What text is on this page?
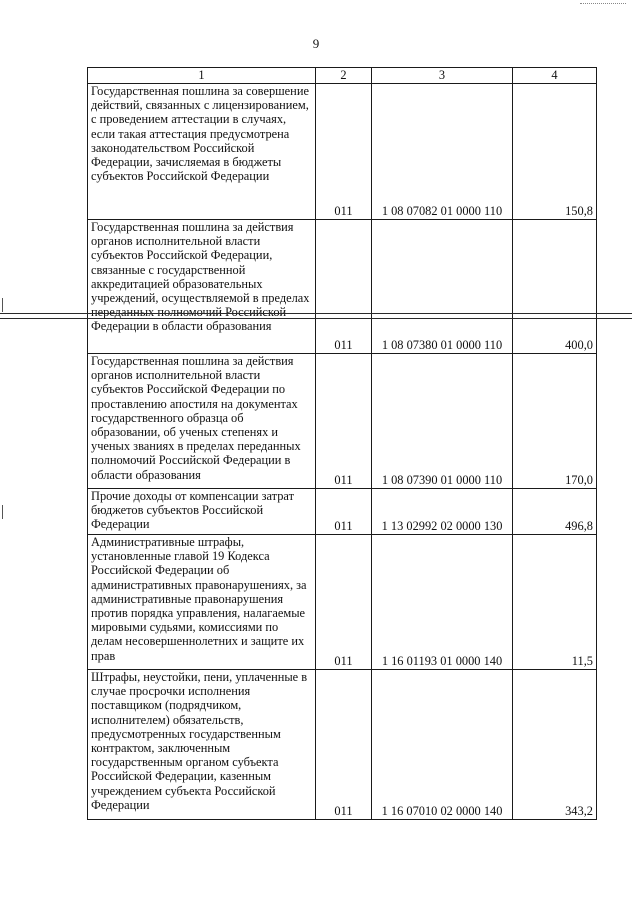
9
1	2	3	4
Государственная пошлина за совершение действий, связанных с лицензированием, с проведением аттестации в случаях, если такая аттестация предусмотрена законодательством Российской Федерации, зачисляемая в бюджеты субъектов Российской Федерации	011	1 08 07082 01 0000 110	150,8
Государственная пошлина за действия органов исполнительной власти субъектов Российской Федерации, связанные с государственной аккредитацией образовательных учреждений, осуществляемой в пределах Федерации в области образования	011	1 08 07380 01 0000 110	400,0
Государственная пошлина за действия органов исполнительной власти субъектов Российской Федерации по проставлению апостиля на документах государственного образца об образовании, об ученых степенях и ученых званиях в пределах переданных полномочий Российской Федерации в области образования	011	1 08 07390 01 0000 110	170,0
Прочие доходы от компенсации затрат бюджетов субъектов Российской Федерации	011	1 13 02992 02 0000 130	496,8
Административные штрафы, установленные главой 19 Кодекса Российской Федерации об административных правонарушениях, за административные правонарушения против порядка управления, налагаемые мировыми судьями, комиссиями по делам несовершеннолетних и защите их прав	011	1 16 01193 01 0000 140	11,5
Штрафы, неустойки, пени, уплаченные в случае просрочки исполнения поставщиком (подрядчиком, исполнителем) обязательств, предусмотренных государственным контрактом, заключенным государственным органом субъекта Российской Федерации, казенным учреждением субъекта Российской Федерации	011	1 16 07010 02 0000 140	343,2
